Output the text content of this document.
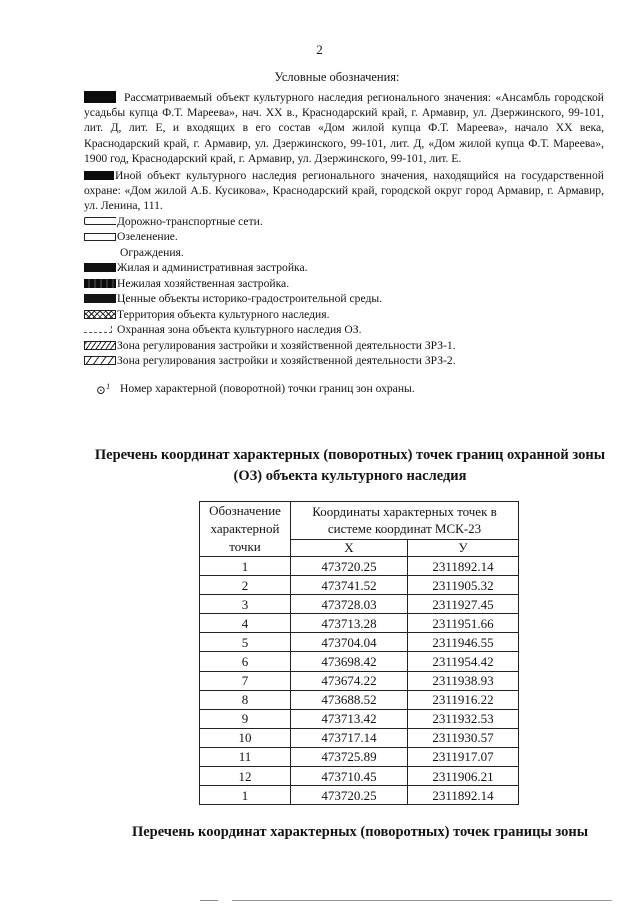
2
Условные обозначения:
Рассматриваемый объект культурного наследия регионального значения: «Ансамбль городской усадьбы купца Ф.Т. Мареева», нач. XX в., Краснодарский край, г. Армавир, ул. Дзержинского, 99-101, лит. Д, лит. Е, и входящих в его состав «Дом жилой купца Ф.Т. Мареева», начало XX века, Краснодарский край, г. Армавир, ул. Дзержинского, 99-101, лит. Д, «Дом жилой купца Ф.Т. Мареева», 1900 год, Краснодарский край, г. Армавир, ул. Дзержинского, 99-101, лит. Е.
Иной объект культурного наследия регионального значения, находящийся на государственной охране: «Дом жилой А.Б. Кусикова», Краснодарский край, городской округ город Армавир, г. Армавир, ул. Ленина, 111.
Дорожно-транспортные сети.
Озеленение.
Ограждения.
Жилая и административная застройка.
Нежилая хозяйственная застройка.
Ценные объекты историко-градостроительной среды.
Территория объекта культурного наследия.
Охранная зона объекта культурного наследия ОЗ.
Зона регулирования застройки и хозяйственной деятельности ЗРЗ-1.
Зона регулирования застройки и хозяйственной деятельности ЗРЗ-2.
⊙$^1$ Номер характерной (поворотной) точки границ зон охраны.
Перечень координат характерных (поворотных) точек границ охранной зоны (ОЗ) объекта культурного наследия
Обозначение характерной точки	Координаты характерных точек в системе координат МСК-23	
	X	У
1	473720.25	2311892.14
2	473741.52	2311905.32
3	473728.03	2311927.45
4	473713.28	2311951.66
5	473704.04	2311946.55
6	473698.42	2311954.42
7	473674.22	2311938.93
8	473688.52	2311916.22
9	473713.42	2311932.53
10	473717.14	2311930.57
11	473725.89	2311917.07
12	473710.45	2311906.21
1	473720.25	2311892.14
Перечень координат характерных (поворотных) точек границы зоны
